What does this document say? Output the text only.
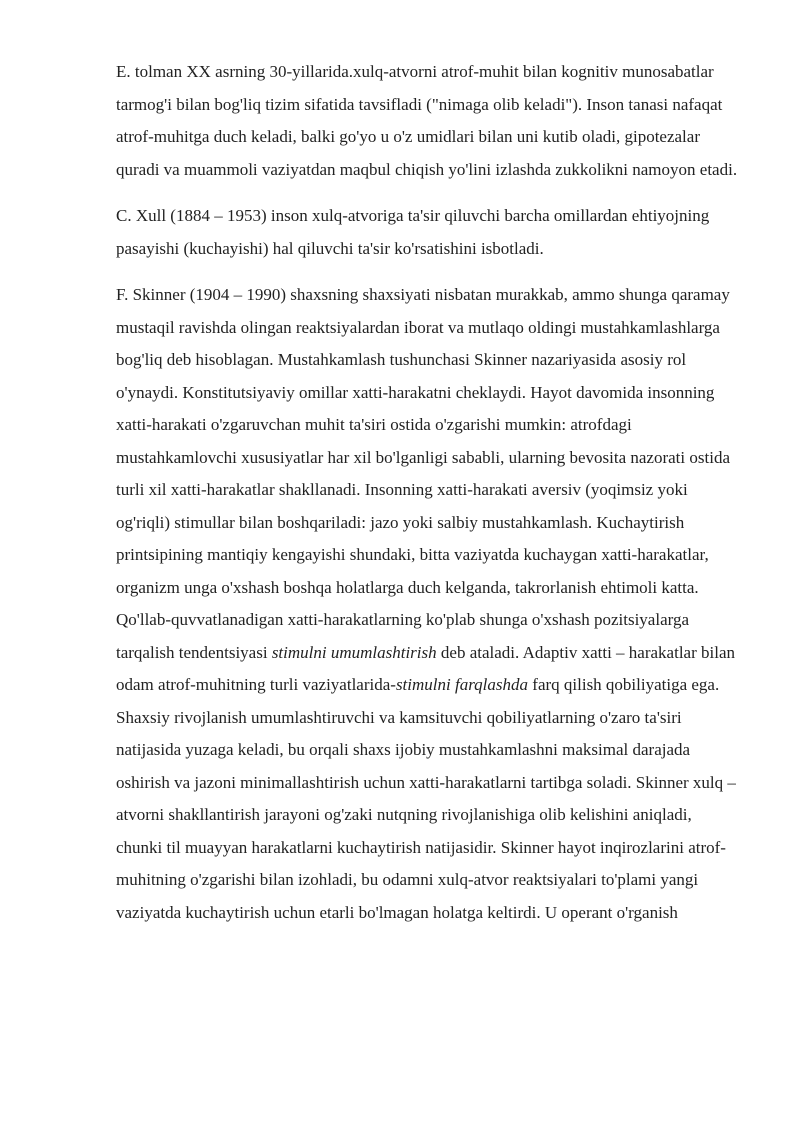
E. tolman XX asrning 30-yillarida.xulq-atvorni atrof-muhit bilan kognitiv munosabatlar tarmog'i bilan bog'liq tizim sifatida tavsifladi ("nimaga olib keladi"). Inson tanasi nafaqat atrof-muhitga duch keladi, balki go'yo u o'z umidlari bilan uni kutib oladi, gipotezalar quradi va muammoli vaziyatdan maqbul chiqish yo'lini izlashda zukkolikni namoyon etadi.

C. Xull (1884 – 1953) inson xulq-atvoriga ta'sir qiluvchi barcha omillardan ehtiyojning pasayishi (kuchayishi) hal qiluvchi ta'sir ko'rsatishini isbotladi.

F. Skinner (1904 – 1990) shaxsning shaxsiyati nisbatan murakkab, ammo shunga qaramay mustaqil ravishda olingan reaktsiyalardan iborat va mutlaqo oldingi mustahkamlashlarga bog'liq deb hisoblagan. Mustahkamlash tushunchasi Skinner nazariyasida asosiy rol o'ynaydi. Konstitutsiyaviy omillar xatti-harakatni cheklaydi. Hayot davomida insonning xatti-harakati o'zgaruvchan muhit ta'siri ostida o'zgarishi mumkin: atrofdagi mustahkamlovchi xususiyatlar har xil bo'lganligi sababli, ularning bevosita nazorati ostida turli xil xatti-harakatlar shakllanadi. Insonning xatti-harakati aversiv (yoqimsiz yoki og'riqli) stimullar bilan boshqariladi: jazo yoki salbiy mustahkamlash. Kuchaytirish printsipining mantiqiy kengayishi shundaki, bitta vaziyatda kuchaygan xatti-harakatlar, organizm unga o'xshash boshqa holatlarga duch kelganda, takrorlanish ehtimoli katta. Qo'llab-quvvatlanadigan xatti-harakatlarning ko'plab shunga o'xshash pozitsiyalarga tarqalish tendentsiyasi stimulni umumlashtirish deb ataladi. Adaptiv xatti – harakatlar bilan odam atrof-muhitning turli vaziyatlarida-stimulni farqlashda farq qilish qobiliyatiga ega. Shaxsiy rivojlanish umumlashtiruvchi va kamsituvchi qobiliyatlarning o'zaro ta'siri natijasida yuzaga keladi, bu orqali shaxs ijobiy mustahkamlashni maksimal darajada oshirish va jazoni minimallashtirish uchun xatti-harakatlarni tartibga soladi. Skinner xulq – atvorni shakllantirish jarayoni og'zaki nutqning rivojlanishiga olib kelishini aniqladi, chunki til muayyan harakatlarni kuchaytirish natijasidir. Skinner hayot inqirozlarini atrof-muhitning o'zgarishi bilan izohladi, bu odamni xulq-atvor reaktsiyalari to'plami yangi vaziyatda kuchaytirish uchun etarli bo'lmagan holatga keltirdi. U operant o'rganish
